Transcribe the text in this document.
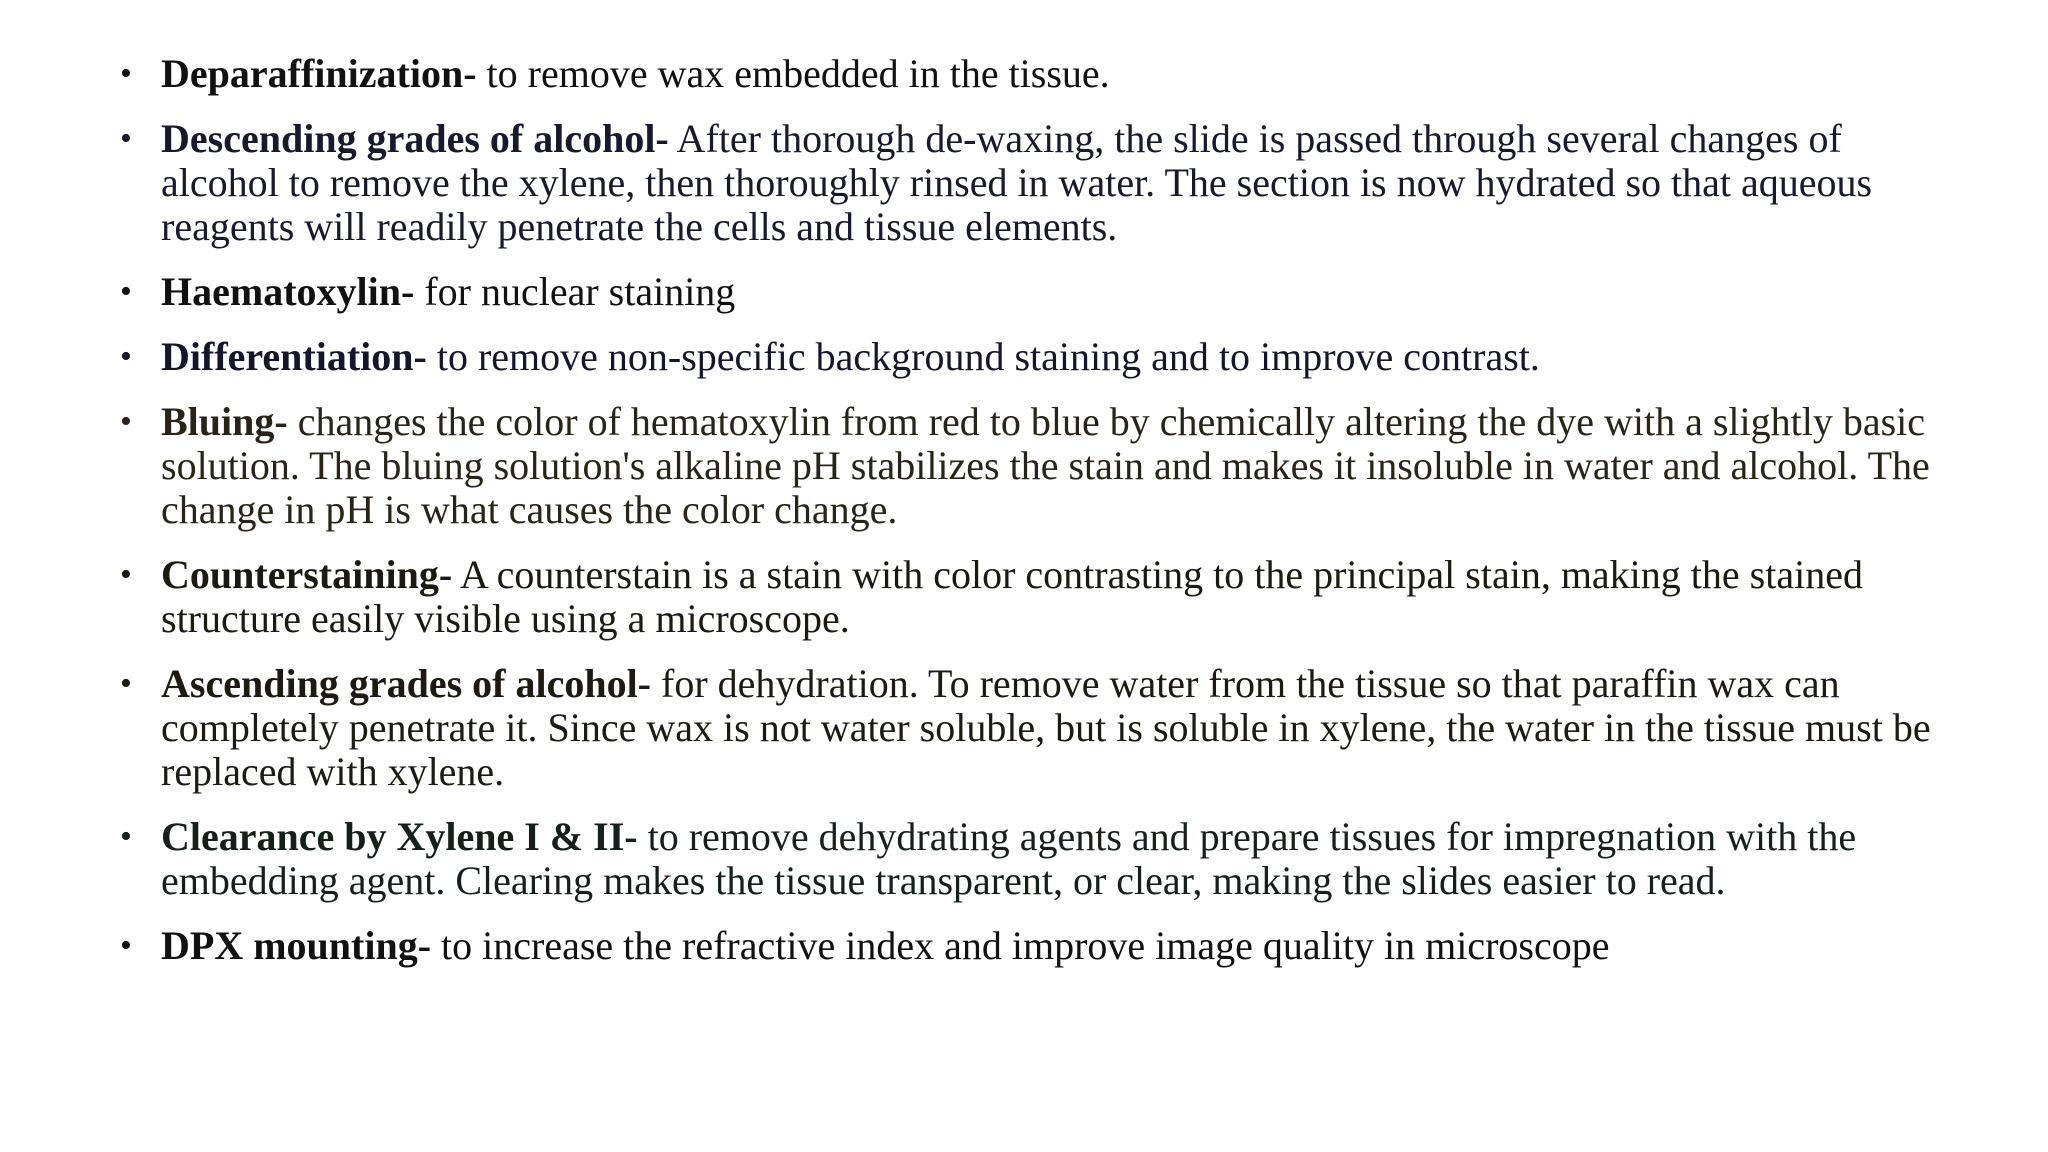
• Deparaffinization- to remove wax embedded in the tissue.
• Descending grades of alcohol- After thorough de-waxing, the slide is passed through several changes of alcohol to remove the xylene, then thoroughly rinsed in water. The section is now hydrated so that aqueous reagents will readily penetrate the cells and tissue elements.
• Haematoxylin- for nuclear staining
• Differentiation- to remove non-specific background staining and to improve contrast.
• Bluing- changes the color of hematoxylin from red to blue by chemically altering the dye with a slightly basic solution. The bluing solution's alkaline pH stabilizes the stain and makes it insoluble in water and alcohol. The change in pH is what causes the color change.
• Counterstaining- A counterstain is a stain with color contrasting to the principal stain, making the stained structure easily visible using a microscope.
• Ascending grades of alcohol- for dehydration. To remove water from the tissue so that paraffin wax can completely penetrate it. Since wax is not water soluble, but is soluble in xylene, the water in the tissue must be replaced with xylene.
• Clearance by Xylene I & II- to remove dehydrating agents and prepare tissues for impregnation with the embedding agent. Clearing makes the tissue transparent, or clear, making the slides easier to read.
• DPX mounting- to increase the refractive index and improve image quality in microscope
